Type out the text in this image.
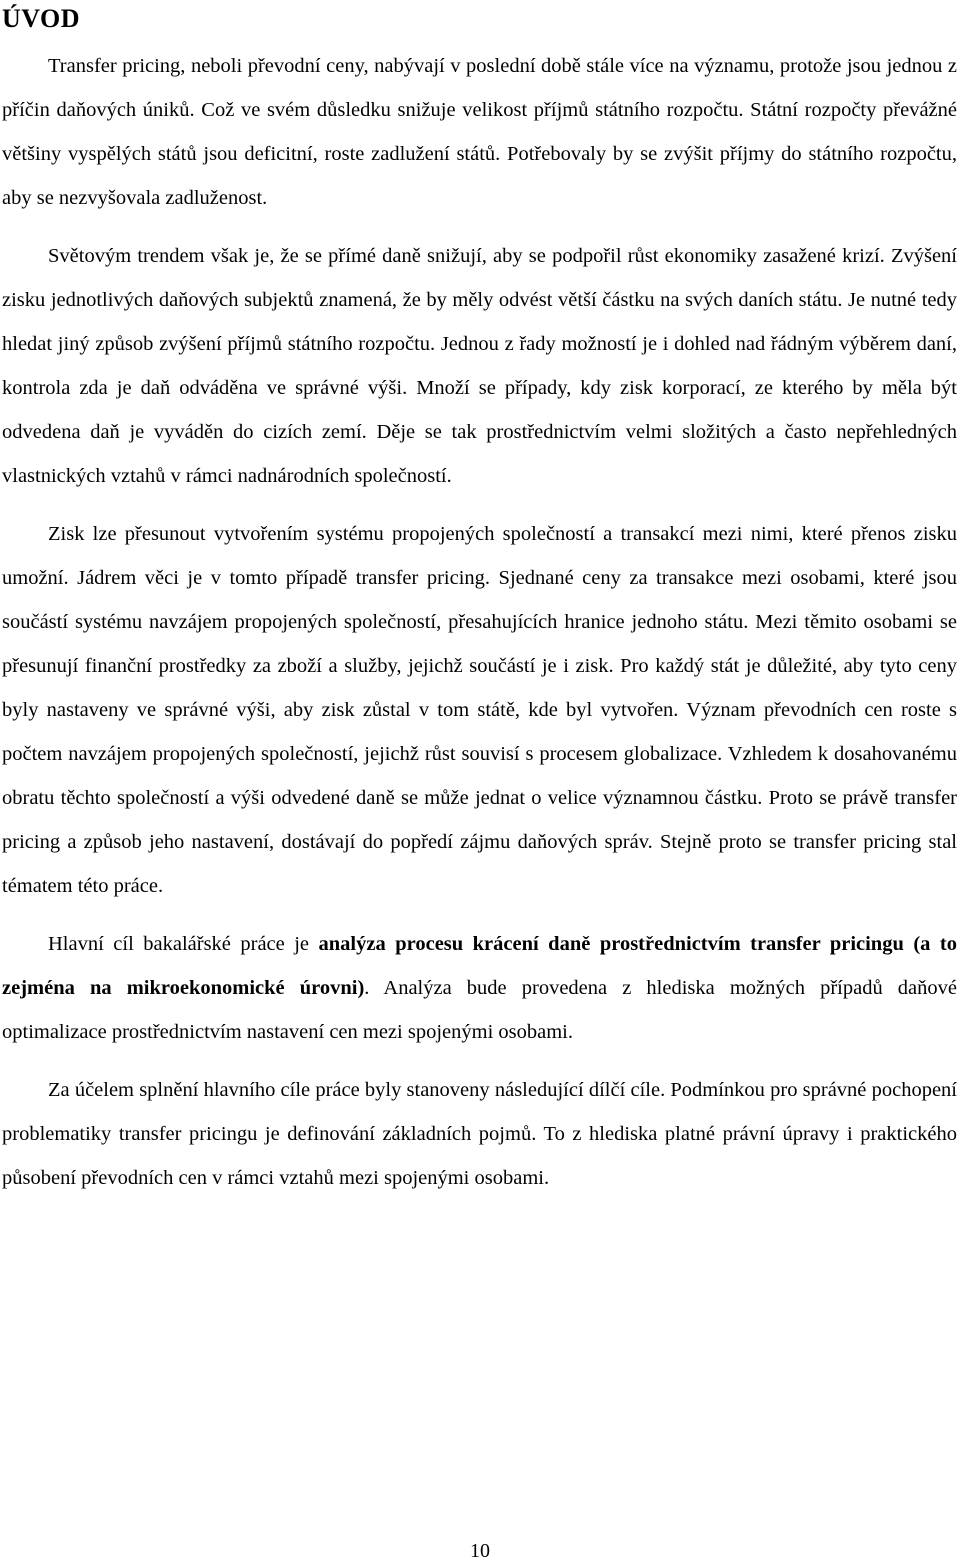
ÚVOD

Transfer pricing, neboli převodní ceny, nabývají v poslední době stále více na významu, protože jsou jednou z příčin daňových úniků. Což ve svém důsledku snižuje velikost příjmů státního rozpočtu. Státní rozpočty převážné většiny vyspělých států jsou deficitní, roste zadlužení států. Potřebovaly by se zvýšit příjmy do státního rozpočtu, aby se nezvyšovala zadluženost.

Světovým trendem však je, že se přímé daně snižují, aby se podpořil růst ekonomiky zasažené krizí. Zvýšení zisku jednotlivých daňových subjektů znamená, že by měly odvést větší částku na svých daních státu. Je nutné tedy hledat jiný způsob zvýšení příjmů státního rozpočtu. Jednou z řady možností je i dohled nad řádným výběrem daní, kontrola zda je daň odváděna ve správné výši. Množí se případy, kdy zisk korporací, ze kterého by měla být odvedena daň je vyváděn do cizích zemí. Děje se tak prostřednictvím velmi složitých a často nepřehledných vlastnických vztahů v rámci nadnárodních společností.

Zisk lze přesunout vytvořením systému propojených společností a transakcí mezi nimi, které přenos zisku umožní. Jádrem věci je v tomto případě transfer pricing. Sjednané ceny za transakce mezi osobami, které jsou součástí systému navzájem propojených společností, přesahujících hranice jednoho státu. Mezi těmito osobami se přesunují finanční prostředky za zboží a služby, jejichž součástí je i zisk. Pro každý stát je důležité, aby tyto ceny byly nastaveny ve správné výši, aby zisk zůstal v tom státě, kde byl vytvořen. Význam převodních cen roste s počtem navzájem propojených společností, jejichž růst souvisí s procesem globalizace. Vzhledem k dosahovanému obratu těchto společností a výši odvedené daně se může jednat o velice významnou částku. Proto se právě transfer pricing a způsob jeho nastavení, dostávají do popředí zájmu daňových správ. Stejně proto se transfer pricing stal tématem této práce.

Hlavní cíl bakalářské práce je analýza procesu krácení daně prostřednictvím transfer pricingu (a to zejména na mikroekonomické úrovni). Analýza bude provedena z hlediska možných případů daňové optimalizace prostřednictvím nastavení cen mezi spojenými osobami.

Za účelem splnění hlavního cíle práce byly stanoveny následující dílčí cíle. Podmínkou pro správné pochopení problematiky transfer pricingu je definování základních pojmů. To z hlediska platné právní úpravy i praktického působení převodních cen v rámci vztahů mezi spojenými osobami.

10
